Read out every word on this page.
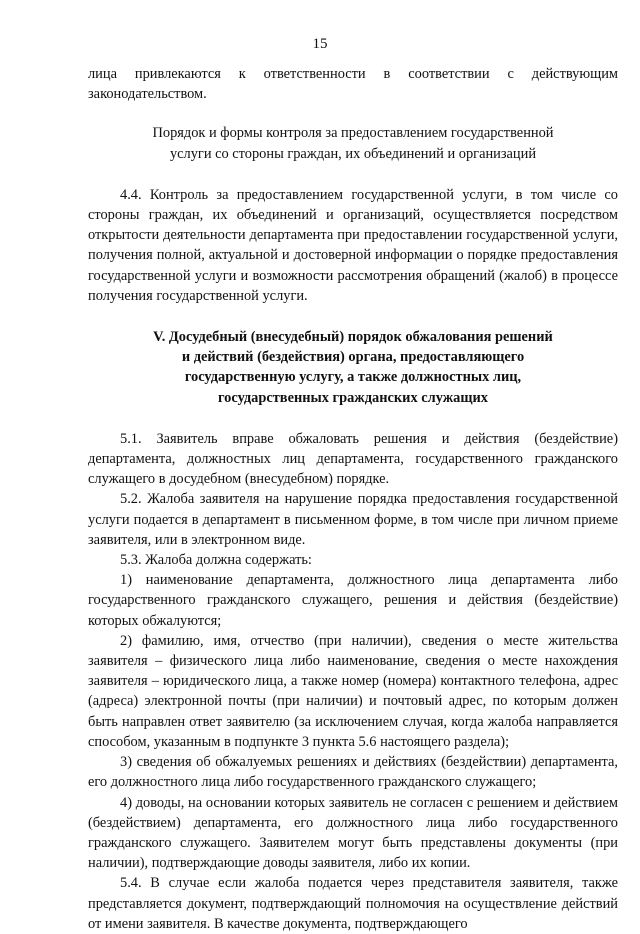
15

лица привлекаются к ответственности в соответствии с действующим законодательством.

Порядок и формы контроля за предоставлением государственной
услуги со стороны граждан, их объединений и организаций

4.4. Контроль за предоставлением государственной услуги, в том числе со стороны граждан, их объединений и организаций, осуществляется посредством открытости деятельности департамента при предоставлении государственной услуги, получения полной, актуальной и достоверной информации о порядке предоставления государственной услуги и возможности рассмотрения обращений (жалоб) в процессе получения государственной услуги.

V. Досудебный (внесудебный) порядок обжалования решений
и действий (бездействия) органа, предоставляющего
государственную услугу, а также должностных лиц,
государственных гражданских служащих

5.1. Заявитель вправе обжаловать решения и действия (бездействие) департамента, должностных лиц департамента, государственного гражданского служащего в досудебном (внесудебном) порядке.

5.2. Жалоба заявителя на нарушение порядка предоставления государственной услуги подается в департамент в письменном форме, в том числе при личном приеме заявителя, или в электронном виде.

5.3. Жалоба должна содержать:

1) наименование департамента, должностного лица департамента либо государственного гражданского служащего, решения и действия (бездействие) которых обжалуются;

2) фамилию, имя, отчество (при наличии), сведения о месте жительства заявителя – физического лица либо наименование, сведения о месте нахождения заявителя – юридического лица, а также номер (номера) контактного телефона, адрес (адреса) электронной почты (при наличии) и почтовый адрес, по которым должен быть направлен ответ заявителю (за исключением случая, когда жалоба направляется способом, указанным в подпункте 3 пункта 5.6 настоящего раздела);

3) сведения об обжалуемых решениях и действиях (бездействии) департамента, его должностного лица либо государственного гражданского служащего;

4) доводы, на основании которых заявитель не согласен с решением и действием (бездействием) департамента, его должностного лица либо государственного гражданского служащего. Заявителем могут быть представлены документы (при наличии), подтверждающие доводы заявителя, либо их копии.

5.4. В случае если жалоба подается через представителя заявителя, также представляется документ, подтверждающий полномочия на осуществление действий от имени заявителя. В качестве документа, подтверждающего
